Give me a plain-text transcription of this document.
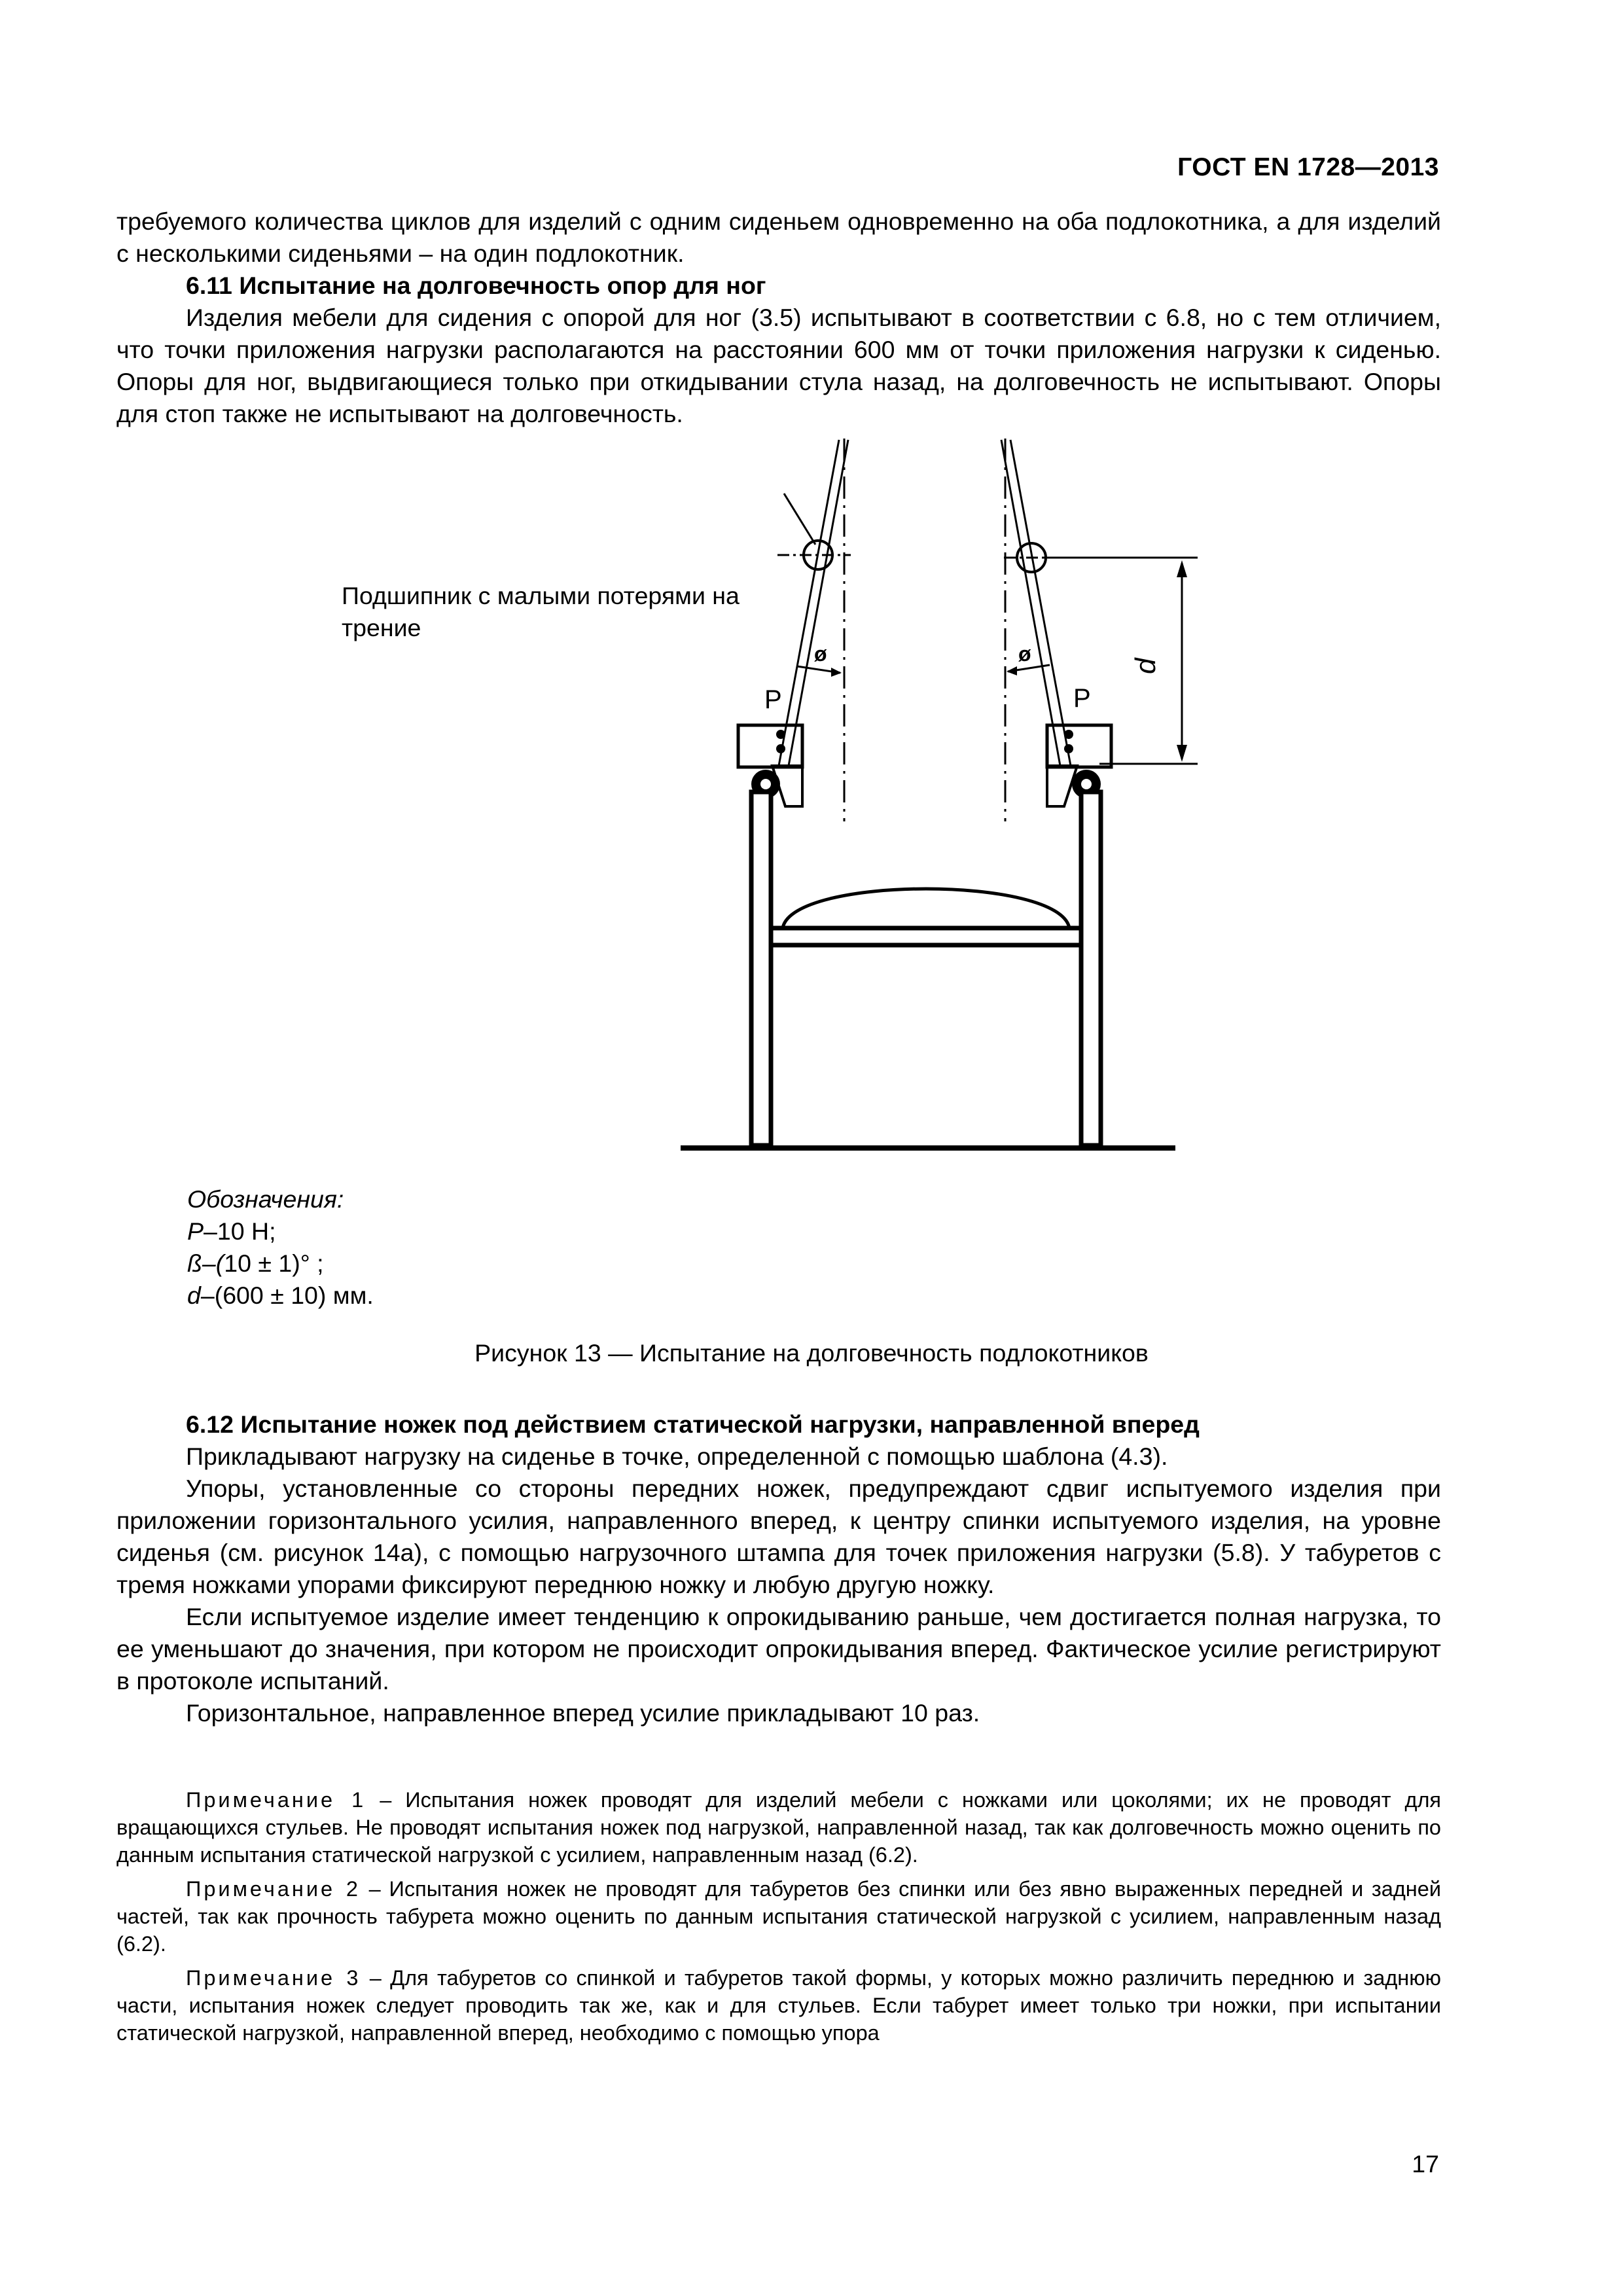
ГОСТ EN 1728—2013

требуемого количества циклов для изделий с одним сиденьем одновременно на оба подлокотника, а для изделий с несколькими сиденьями – на один подлокотник.

6.11 Испытание на долговечность опор для ног

Изделия мебели для сидения с опорой для ног (3.5) испытывают в соответствии с 6.8, но с тем отличием, что точки приложения нагрузки располагаются на расстоянии 600 мм от точки приложения нагрузки к сиденью. Опоры для ног, выдвигающиеся только при откидывании стула назад, на долговечность не испытывают. Опоры для стоп также не испытывают на долговечность.

ø
P
ø
P
d
Подшипник с малыми потерями на трение
Обозначения:
P–10 Н;
ß–(10 ± 1)° ;
d–(600 ± 10) мм.
Рисунок 13 — Испытание на долговечность подлокотников

6.12 Испытание ножек под действием статической нагрузки, направленной вперед

Прикладывают нагрузку на сиденье в точке, определенной с помощью шаблона (4.3).

Упоры, установленные со стороны передних ножек, предупреждают сдвиг испытуемого изделия при приложении горизонтального усилия, направленного вперед, к центру спинки испытуемого изделия, на уровне сиденья (см. рисунок 14а), с помощью нагрузочного штампа для точек приложения нагрузки (5.8). У табуретов с тремя ножками упорами фиксируют переднюю ножку и любую другую ножку.

Если испытуемое изделие имеет тенденцию к опрокидыванию раньше, чем достигается полная нагрузка, то ее уменьшают до значения, при котором не происходит опрокидывания вперед. Фактическое усилие регистрируют в протоколе испытаний.

Горизонтальное, направленное вперед усилие прикладывают 10 раз.

Примечание 1 – Испытания ножек проводят для изделий мебели с ножками или цоколями; их не проводят для вращающихся стульев. Не проводят испытания ножек под нагрузкой, направленной назад, так как долговечность можно оценить по данным испытания статической нагрузкой с усилием, направленным назад (6.2).

Примечание 2 – Испытания ножек не проводят для табуретов без спинки или без явно выраженных передней и задней частей, так как прочность табурета можно оценить по данным испытания статической нагрузкой с усилием, направленным назад (6.2).

Примечание 3 – Для табуретов со спинкой и табуретов такой формы, у которых можно различить переднюю и заднюю части, испытания ножек следует проводить так же, как и для стульев. Если табурет имеет только три ножки, при испытании статической нагрузкой, направленной вперед, необходимо с помощью упора

17
